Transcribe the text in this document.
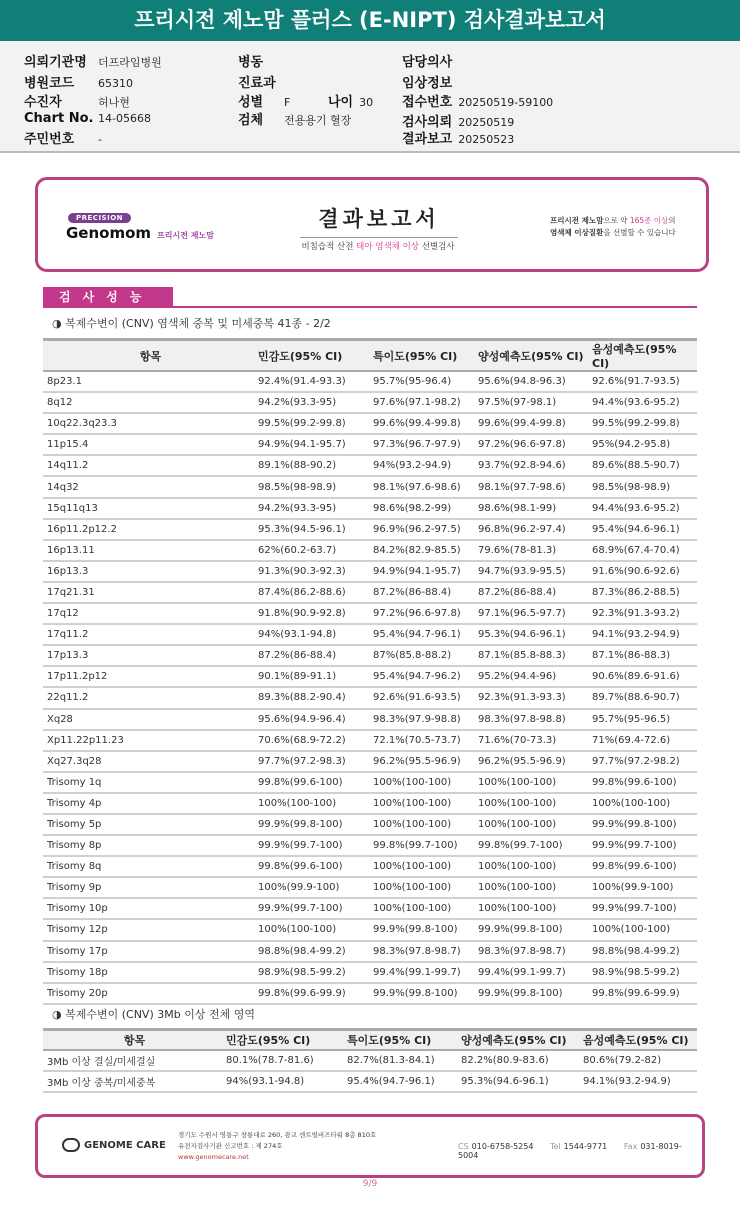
프리시전 제노맘 플러스 (E-NIPT) 검사결과보고서
의뢰기관명 더프라임병원
병원코드 65310
수진자	허나현
Chart No. 14-05668
주민번호 -
병동
진료과
성별 F	나이 30
검체 전용용기 혈장
담당의사
임상정보
접수번호 20250519-59100
검사의뢰 20250519
결과보고 20250523
PRECISION
Genomom 프리시전 제노맘
결과보고서
비침습적 산전 태아 염색체 이상 선별검사
프리시전 제노맘으로 약 165종 이상의
염색체 이상질환을 선별할 수 있습니다
검사성능
◑ 복제수변이 (CNV) 염색체 중복 및 미세중복 41종 - 2/2
항목	민감도(95% CI)	특이도(95% CI)	양성예측도(95% CI)	음성예측도(95% CI)
8p23.1	92.4%(91.4-93.3)	95.7%(95-96.4)	95.6%(94.8-96.3)	92.6%(91.7-93.5)
8q12	94.2%(93.3-95)	97.6%(97.1-98.2)	97.5%(97-98.1)	94.4%(93.6-95.2)
10q22.3q23.3	99.5%(99.2-99.8)	99.6%(99.4-99.8)	99.6%(99.4-99.8)	99.5%(99.2-99.8)
11p15.4	94.9%(94.1-95.7)	97.3%(96.7-97.9)	97.2%(96.6-97.8)	95%(94.2-95.8)
14q11.2	89.1%(88-90.2)	94%(93.2-94.9)	93.7%(92.8-94.6)	89.6%(88.5-90.7)
14q32	98.5%(98-98.9)	98.1%(97.6-98.6)	98.1%(97.7-98.6)	98.5%(98-98.9)
15q11q13	94.2%(93.3-95)	98.6%(98.2-99)	98.6%(98.1-99)	94.4%(93.6-95.2)
16p11.2p12.2	95.3%(94.5-96.1)	96.9%(96.2-97.5)	96.8%(96.2-97.4)	95.4%(94.6-96.1)
16p13.11	62%(60.2-63.7)	84.2%(82.9-85.5)	79.6%(78-81.3)	68.9%(67.4-70.4)
16p13.3	91.3%(90.3-92.3)	94.9%(94.1-95.7)	94.7%(93.9-95.5)	91.6%(90.6-92.6)
17q21.31	87.4%(86.2-88.6)	87.2%(86-88.4)	87.2%(86-88.4)	87.3%(86.2-88.5)
17q12	91.8%(90.9-92.8)	97.2%(96.6-97.8)	97.1%(96.5-97.7)	92.3%(91.3-93.2)
17q11.2	94%(93.1-94.8)	95.4%(94.7-96.1)	95.3%(94.6-96.1)	94.1%(93.2-94.9)
17p13.3	87.2%(86-88.4)	87%(85.8-88.2)	87.1%(85.8-88.3)	87.1%(86-88.3)
17p11.2p12	90.1%(89-91.1)	95.4%(94.7-96.2)	95.2%(94.4-96)	90.6%(89.6-91.6)
22q11.2	89.3%(88.2-90.4)	92.6%(91.6-93.5)	92.3%(91.3-93.3)	89.7%(88.6-90.7)
Xq28	95.6%(94.9-96.4)	98.3%(97.9-98.8)	98.3%(97.8-98.8)	95.7%(95-96.5)
Xp11.22p11.23	70.6%(68.9-72.2)	72.1%(70.5-73.7)	71.6%(70-73.3)	71%(69.4-72.6)
Xq27.3q28	97.7%(97.2-98.3)	96.2%(95.5-96.9)	96.2%(95.5-96.9)	97.7%(97.2-98.2)
Trisomy 1q	99.8%(99.6-100)	100%(100-100)	100%(100-100)	99.8%(99.6-100)
Trisomy 4p	100%(100-100)	100%(100-100)	100%(100-100)	100%(100-100)
Trisomy 5p	99.9%(99.8-100)	100%(100-100)	100%(100-100)	99.9%(99.8-100)
Trisomy 8p	99.9%(99.7-100)	99.8%(99.7-100)	99.8%(99.7-100)	99.9%(99.7-100)
Trisomy 8q	99.8%(99.6-100)	100%(100-100)	100%(100-100)	99.8%(99.6-100)
Trisomy 9p	100%(99.9-100)	100%(100-100)	100%(100-100)	100%(99.9-100)
Trisomy 10p	99.9%(99.7-100)	100%(100-100)	100%(100-100)	99.9%(99.7-100)
Trisomy 12p	100%(100-100)	99.9%(99.8-100)	99.9%(99.8-100)	100%(100-100)
Trisomy 17p	98.8%(98.4-99.2)	98.3%(97.8-98.7)	98.3%(97.8-98.7)	98.8%(98.4-99.2)
Trisomy 18p	98.9%(98.5-99.2)	99.4%(99.1-99.7)	99.4%(99.1-99.7)	98.9%(98.5-99.2)
Trisomy 20p	99.8%(99.6-99.9)	99.9%(99.8-100)	99.9%(99.8-100)	99.8%(99.6-99.9)
◑ 복제수변이 (CNV) 3Mb 이상 전체 영역
항목	민감도(95% CI)	특이도(95% CI)	양성예측도(95% CI)	음성예측도(95% CI)
3Mb 이상 결실/미세결실	80.1%(78.7-81.6)	82.7%(81.3-84.1)	82.2%(80.9-83.6)	80.6%(79.2-82)
3Mb 이상 중복/미세중복	94%(93.1-94.8)	95.4%(94.7-96.1)	95.3%(94.6-96.1)	94.1%(93.2-94.9)
GENOME CARE
경기도 수원시 영통구 창룡대로 260, 광교 센트럴비즈타워 8층 810호
유전자검사기관 신고번호 : 제 274호
www.genomecare.net
CS 010-6758-5254 Tel 1544-9771 Fax 031-8019-5004
9/9
